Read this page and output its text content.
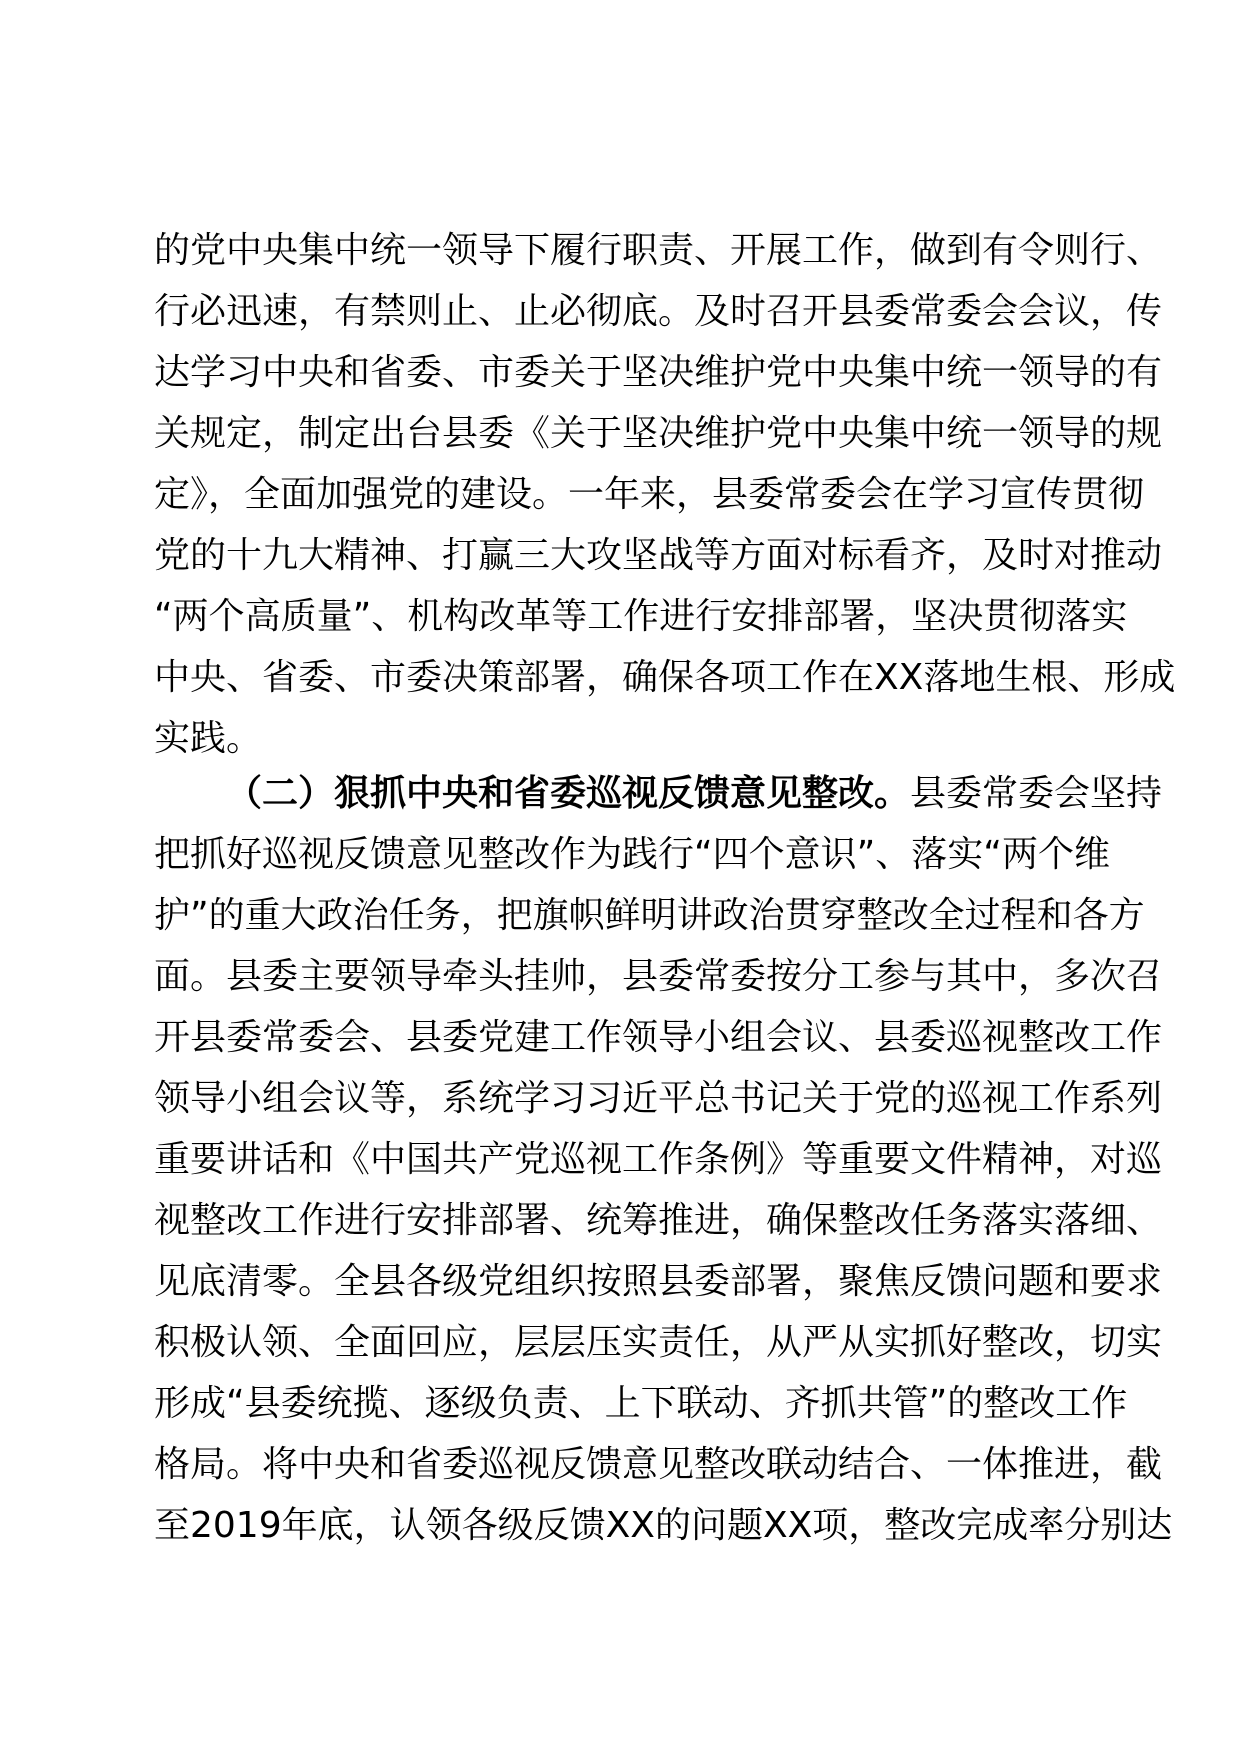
的党中央集中统一领导下履行职责、开展工作，做到有令则行、
行必迅速，有禁则止、止必彻底。及时召开县委常委会会议，传
达学习中央和省委、市委关于坚决维护党中央集中统一领导的有
关规定，制定出台县委《关于坚决维护党中央集中统一领导的规
定》，全面加强党的建设。一年来，县委常委会在学习宣传贯彻
党的十九大精神、打赢三大攻坚战等方面对标看齐，及时对推动
“两个高质量”、机构改革等工作进行安排部署，坚决贯彻落实
中央、省委、市委决策部署，确保各项工作在XX落地生根、形成
实践。
（二）狠抓中央和省委巡视反馈意见整改。县委常委会坚持
把抓好巡视反馈意见整改作为践行“四个意识”、落实“两个维
护”的重大政治任务，把旗帜鲜明讲政治贯穿整改全过程和各方
面。县委主要领导牵头挂帅，县委常委按分工参与其中，多次召
开县委常委会、县委党建工作领导小组会议、县委巡视整改工作
领导小组会议等，系统学习习近平总书记关于党的巡视工作系列
重要讲话和《中国共产党巡视工作条例》等重要文件精神，对巡
视整改工作进行安排部署、统筹推进，确保整改任务落实落细、
见底清零。全县各级党组织按照县委部署，聚焦反馈问题和要求
积极认领、全面回应，层层压实责任，从严从实抓好整改，切实
形成“县委统揽、逐级负责、上下联动、齐抓共管”的整改工作
格局。将中央和省委巡视反馈意见整改联动结合、一体推进，截
至2019年底，认领各级反馈XX的问题XX项，整改完成率分别达
